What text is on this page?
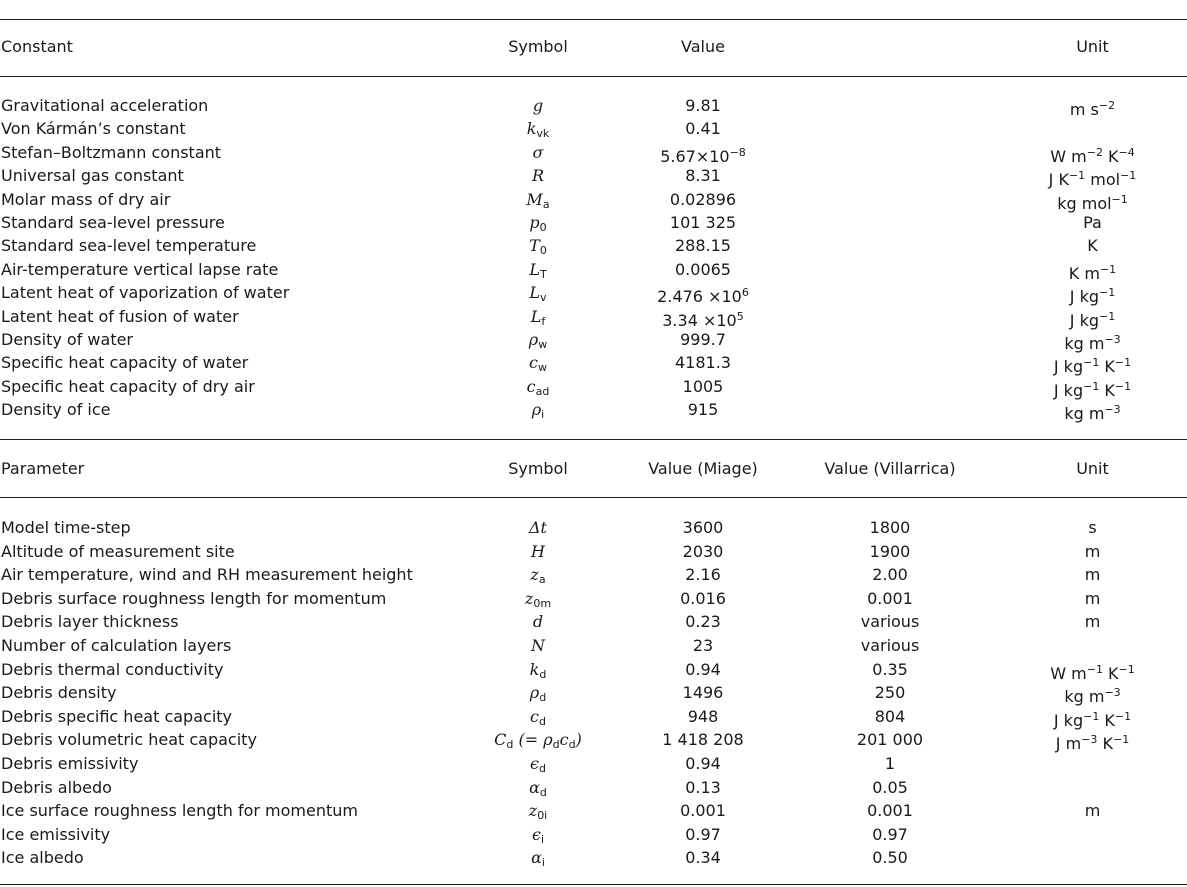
Constant	Symbol	Value	Unit
Gravitational acceleration	g	9.81	m $s^{-2}$
Von Kármán’s constant	$k_{vk}$	0.41
Stefan–Boltzmann constant	σ	$5.67\times 10^{-8}$	W $m^{-2}$ $K^{-4}$
Universal gas constant	R	8.31	J $K^{-1}$ mol$^{-1}$
Molar mass of dry air	$M_a$	0.02896	kg mol$^{-1}$
Standard sea-level pressure	$p_0$	101 325	Pa
Standard sea-level temperature	$T_0$	288.15	K
Air-temperature vertical lapse rate	$L_T$	0.0065	K $m^{-1}$
Latent heat of vaporization of water	$L_v$	$2.476 \times 10^6$	J $kg^{-1}$
Latent heat of fusion of water	$L_f$	$3.34 \times 10^5$	J $kg^{-1}$
Density of water	$\rho_w$	999.7	kg $m^{-3}$
Specific heat capacity of water	$c_w$	4181.3	J $kg^{-1}$ $K^{-1}$
Specific heat capacity of dry air	$c_{ad}$	1005	J $kg^{-1}$ $K^{-1}$
Density of ice	$\rho_i$	915	kg $m^{-3}$
Parameter	Symbol	Value (Miage)	Value (Villarrica)	Unit
Model time-step	Δt	3600	1800	s
Altitude of measurement site	H	2030	1900	m
Air temperature, wind and RH measurement height	$z_a$	2.16	2.00	m
Debris surface roughness length for momentum	$z_{0m}$	0.016	0.001	m
Debris layer thickness	d	0.23	various	m
Number of calculation layers	N	23	various
Debris thermal conductivity	$k_d$	0.94	0.35	W $m^{-1}$ $K^{-1}$
Debris density	$\rho_d$	1496	250	kg $m^{-3}$
Debris specific heat capacity	$c_d$	948	804	J $kg^{-1}$ $K^{-1}$
Debris volumetric heat capacity	$C_d$ (= $\rho_dc_d$)	1 418 208	201 000	J $m^{-3}$ $K^{-1}$
Debris emissivity	$\epsilon_d$	0.94	1
Debris albedo	$\alpha_d$	0.13	0.05
Ice surface roughness length for momentum	$z_{0i}$	0.001	0.001	m
Ice emissivity	$\epsilon_i$	0.97	0.97
Ice albedo	$\alpha_i$	0.34	0.50
